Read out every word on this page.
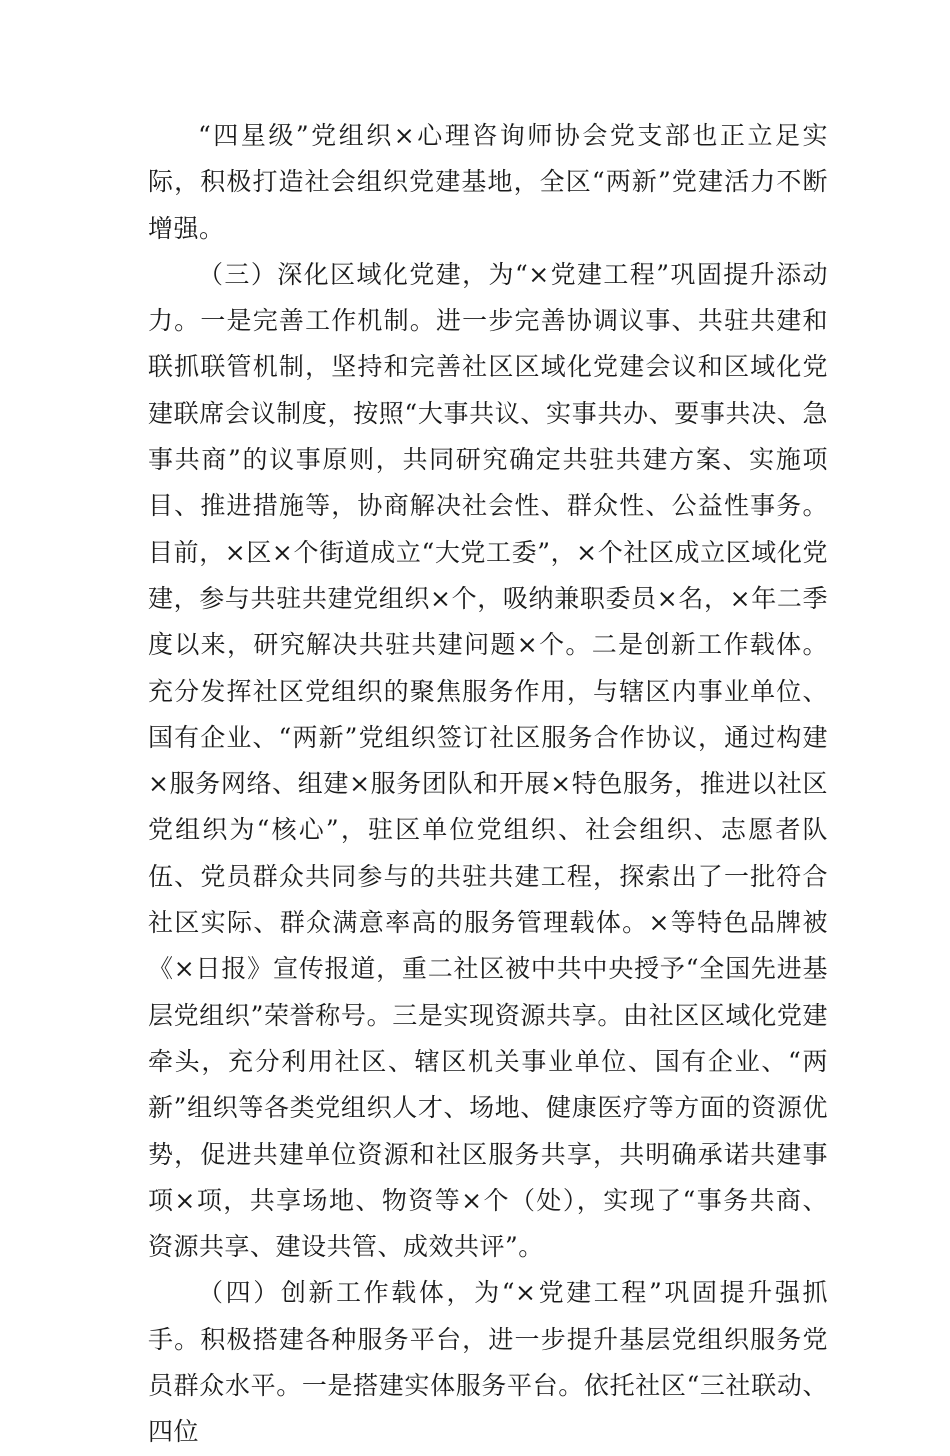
“四星级”党组织×心理咨询师协会党支部也正立足实际，积极打造社会组织党建基地，全区“两新”党建活力不断增强。

（三）深化区域化党建，为“×党建工程”巩固提升添动力。一是完善工作机制。进一步完善协调议事、共驻共建和联抓联管机制，坚持和完善社区区域化党建会议和区域化党建联席会议制度，按照“大事共议、实事共办、要事共决、急事共商”的议事原则，共同研究确定共驻共建方案、实施项目、推进措施等，协商解决社会性、群众性、公益性事务。目前，×区×个街道成立“大党工委”，×个社区成立区域化党建，参与共驻共建党组织×个，吸纳兼职委员×名，×年二季度以来，研究解决共驻共建问题×个。二是创新工作载体。充分发挥社区党组织的聚焦服务作用，与辖区内事业单位、国有企业、“两新”党组织签订社区服务合作协议，通过构建×服务网络、组建×服务团队和开展×特色服务，推进以社区党组织为“核心”，驻区单位党组织、社会组织、志愿者队伍、党员群众共同参与的共驻共建工程，探索出了一批符合社区实际、群众满意率高的服务管理载体。×等特色品牌被《×日报》宣传报道，重二社区被中共中央授予“全国先进基层党组织”荣誉称号。三是实现资源共享。由社区区域化党建牵头，充分利用社区、辖区机关事业单位、国有企业、“两新”组织等各类党组织人才、场地、健康医疗等方面的资源优势，促进共建单位资源和社区服务共享，共明确承诺共建事项×项，共享场地、物资等×个（处），实现了“事务共商、资源共享、建设共管、成效共评”。

（四）创新工作载体，为“×党建工程”巩固提升强抓手。积极搭建各种服务平台，进一步提升基层党组织服务党员群众水平。一是搭建实体服务平台。依托社区“三社联动、四位
